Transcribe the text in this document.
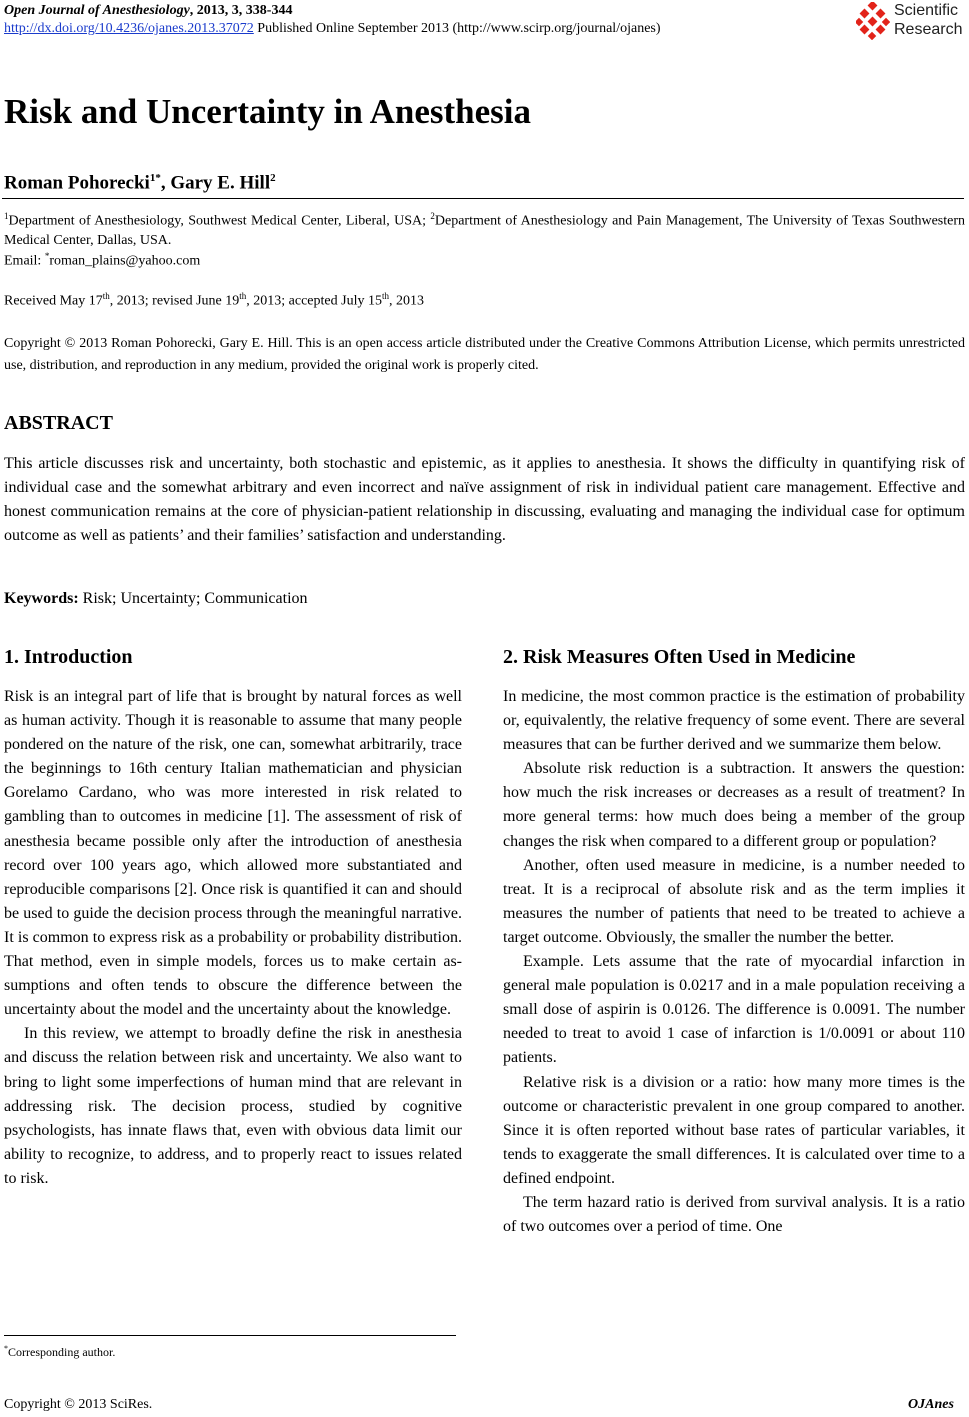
Open Journal of Anesthesiology, 2013, 3, 338-344
http://dx.doi.org/10.4236/ojanes.2013.37072 Published Online September 2013 (http://www.scirp.org/journal/ojanes)
Scientific
Research
Risk and Uncertainty in Anesthesia
Roman Pohorecki$^{1*}$, Gary E. Hill$^2$
$^1$Department of Anesthesiology, Southwest Medical Center, Liberal, USA; $^2$Department of Anesthesiology and Pain Management, The University of Texas Southwestern Medical Center, Dallas, USA.
Email: *roman_plains@yahoo.com
Received May 17th, 2013; revised June 19th, 2013; accepted July 15th, 2013
Copyright © 2013 Roman Pohorecki, Gary E. Hill. This is an open access article distributed under the Creative Commons Attribution License, which permits unrestricted use, distribution, and reproduction in any medium, provided the original work is properly cited.
ABSTRACT

This article discusses risk and uncertainty, both stochastic and epistemic, as it applies to anesthesia. It shows the difficulty in quantifying risk of individual case and the somewhat arbitrary and even incorrect and naïve assignment of risk in individual patient care management. Effective and honest communication remains at the core of physician-patient relationship in discussing, evaluating and managing the individual case for optimum outcome as well as patients’ and their families’ satisfaction and understanding.

Keywords: Risk; Uncertainty; Communication
1. Introduction

Risk is an integral part of life that is brought by natural forces as well as human activity. Though it is reasonable to assume that many people pondered on the nature of the risk, one can, somewhat arbitrarily, trace the beginnings to 16th century Italian mathematician and physician Gorelamo Cardano, who was more interested in risk related to gambling than to outcomes in medicine [1]. The assessment of risk of anesthesia became possible only after the introduction of anesthesia record over 100 years ago, which allowed more substantiated and reproducible comparisons [2]. Once risk is quantified it can and should be used to guide the decision process through the meaningful narrative. It is common to express risk as a probability or probability distribution. That method, even in simple models, forces us to make certain assumptions and often tends to obscure the difference between the uncertainty about the model and the uncertainty about the knowledge.

In this review, we attempt to broadly define the risk in anesthesia and discuss the relation between risk and uncertainty. We also want to bring to light some imperfections of human mind that are relevant in addressing risk. The decision process, studied by cognitive psychologists, has innate flaws that, even with obvious data limit our ability to recognize, to address, and to properly react to issues related to risk.

2. Risk Measures Often Used in Medicine

In medicine, the most common practice is the estimation of probability or, equivalently, the relative frequency of some event. There are several measures that can be further derived and we summarize them below.

Absolute risk reduction is a subtraction. It answers the question: how much the risk increases or decreases as a result of treatment? In more general terms: how much does being a member of the group changes the risk when compared to a different group or population?

Another, often used measure in medicine, is a number needed to treat. It is a reciprocal of absolute risk and as the term implies it measures the number of patients that need to be treated to achieve a target outcome. Obviously, the smaller the number the better.

Example. Lets assume that the rate of myocardial infarction in general male population is 0.0217 and in a male population receiving a small dose of aspirin is 0.0126. The difference is 0.0091. The number needed to treat to avoid 1 case of infarction is 1/0.0091 or about 110 patients.

Relative risk is a division or a ratio: how many more times is the outcome or characteristic prevalent in one group compared to another. Since it is often reported without base rates of particular variables, it tends to exaggerate the small differences. It is calculated over time to a defined endpoint.

The term hazard ratio is derived from survival analysis. It is a ratio of two outcomes over a period of time. One

*Corresponding author.
Copyright © 2013 SciRes.	OJAnes
